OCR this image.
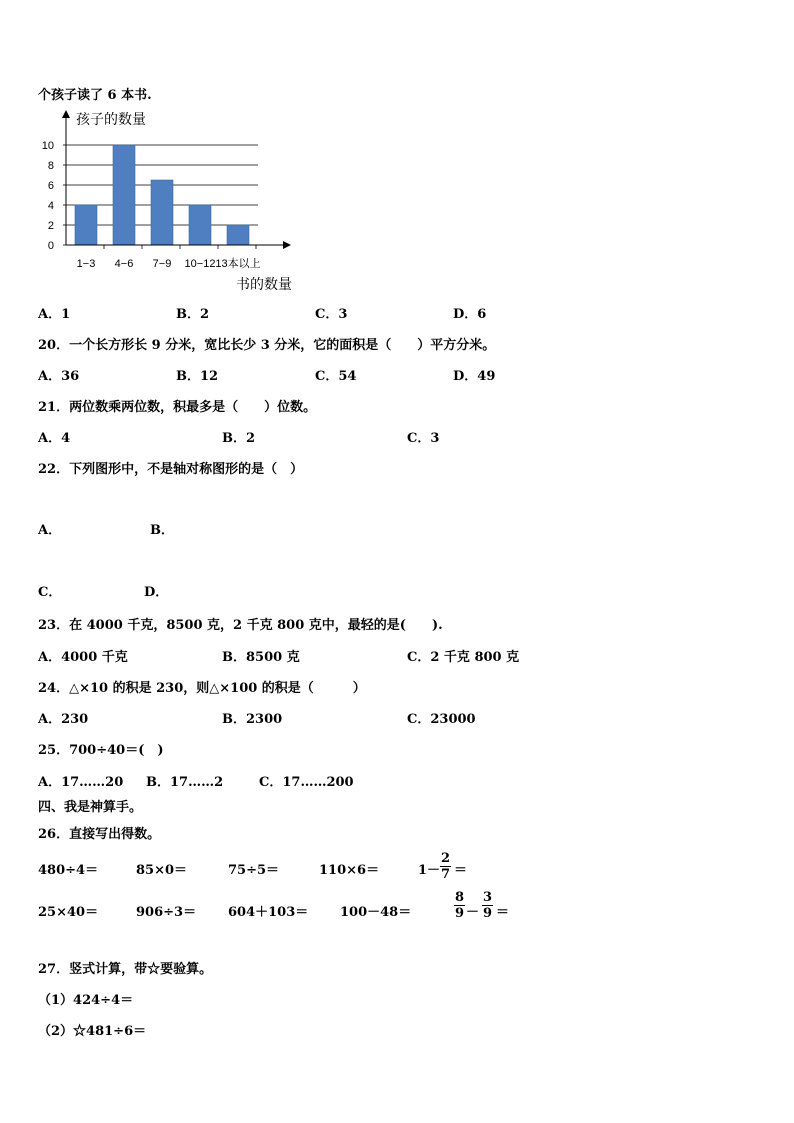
个孩子读了 6 本书.
0
2
4
6
8
10
1−3 4−6 7−9 10−12 13本以上
孩子的数量
书的数量
A．1	B．2	C．3	D．6
20．一个长方形长 9 分米，宽比长少 3 分米，它的面积是（　　）平方分米。
A．36	B．12	C．54	D．49
21．两位数乘两位数，积最多是（　　）位数。
A．4	B．2	C．3
22．下列图形中，不是轴对称图形的是（　）
A．	B．
C．	D．
23．在 4000 千克，8500 克，2 千克 800 克中，最轻的是(　　).
A．4000 千克	B．8500 克	C．2 千克 800 克
24．△×10 的积是 230，则△×100 的积是（　　　）
A．230	B．2300	C．23000
25．700÷40＝(　)
A．17……20 B．17……2	C．17……200
四、我是神算手。
26．直接写出得数。
480÷4＝	85×0＝	75÷5＝	110×6＝	$1- \frac{2}{7}$ ＝
25×40＝	906÷3＝ 604＋103＝ 100－48＝	$\frac{8}{9} - \frac{3}{9}$ ＝
27．竖式计算，带☆要验算。
（1）424÷4＝
（2）☆481÷6＝
